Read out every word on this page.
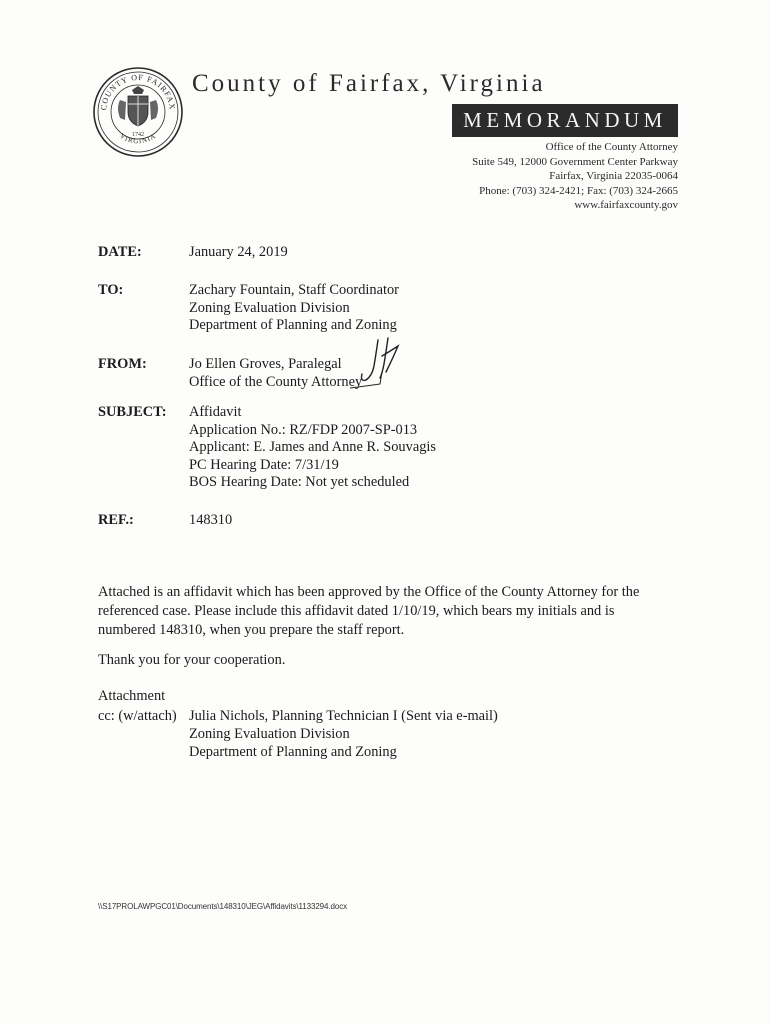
COUNTY OF FAIRFAX
VIRGINIA
1742
County of Fairfax, Virginia
MEMORANDUM
Office of the County Attorney
Suite 549, 12000 Government Center Parkway
Fairfax, Virginia 22035-0064
Phone: (703) 324-2421; Fax: (703) 324-2665
www.fairfaxcounty.gov
DATE:	January 24, 2019
TO:	Zachary Fountain, Staff Coordinator
Zoning Evaluation Division
Department of Planning and Zoning
FROM:	Jo Ellen Groves, Paralegal
Office of the County Attorney
SUBJECT:	Affidavit
Application No.: RZ/FDP 2007-SP-013
Applicant: E. James and Anne R. Souvagis
PC Hearing Date: 7/31/19
BOS Hearing Date: Not yet scheduled
REF.:	148310
Attached is an affidavit which has been approved by the Office of the County Attorney for the
referenced case. Please include this affidavit dated 1/10/19, which bears my initials and is
numbered 148310, when you prepare the staff report.
Thank you for your cooperation.
Attachment
cc: (w/attach) Julia Nichols, Planning Technician I (Sent via e-mail)
Zoning Evaluation Division
Department of Planning and Zoning
\\S17PROLAWPGC01\Documents\148310\JEG\Affidavits\1133294.docx
